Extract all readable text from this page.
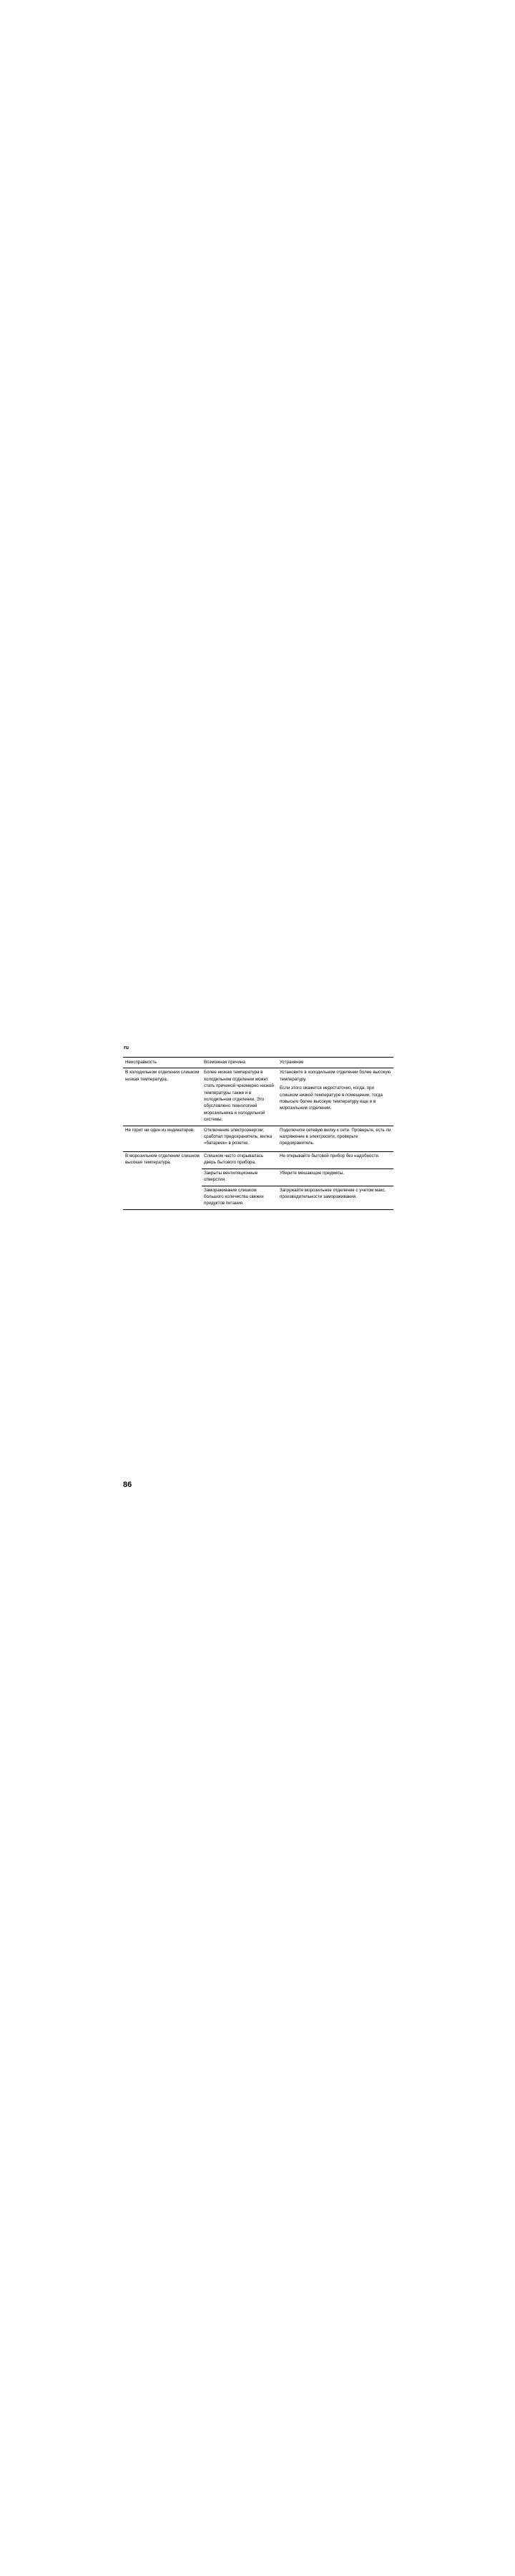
ru
Неисправность	Возможная причина	Устранение
В холодильном отделении слишком низкая температура.	Более низкая температура в холодильном отделении может стать причиной чрезмерно низкой температуры также и в холодильном отделении. Это обусловлено технологией морозильника и холодильной системы.	Установите в холодильном отделении более высокую температуру.

Если этого окажется недостаточно, когда, при слишком низкой температуре в помещении, тогда повысьте более высокую температуру еще и в морозильном отделении.

Не горит ни один из индикаторов.	Отключение электроэнергии; сработал предохранитель; вилка «батареек» в розетке.	Подключите сетевую вилку к сети. Проверьте, есть ли напряжение в электросети, проверьте предохранитель.

В морозильном отделении слишком высокая температура.	Слишком часто открывалась дверь бытового прибора.	Не открывайте бытовой прибор без надобности.

	Закрыты вентиляционные отверстия.	Уберите мешающие предметы.

	Замораживание слишком большого количества свежих продуктов питания.	Загружайте морозильное отделение с учетом макс. производительности замораживания.

86
